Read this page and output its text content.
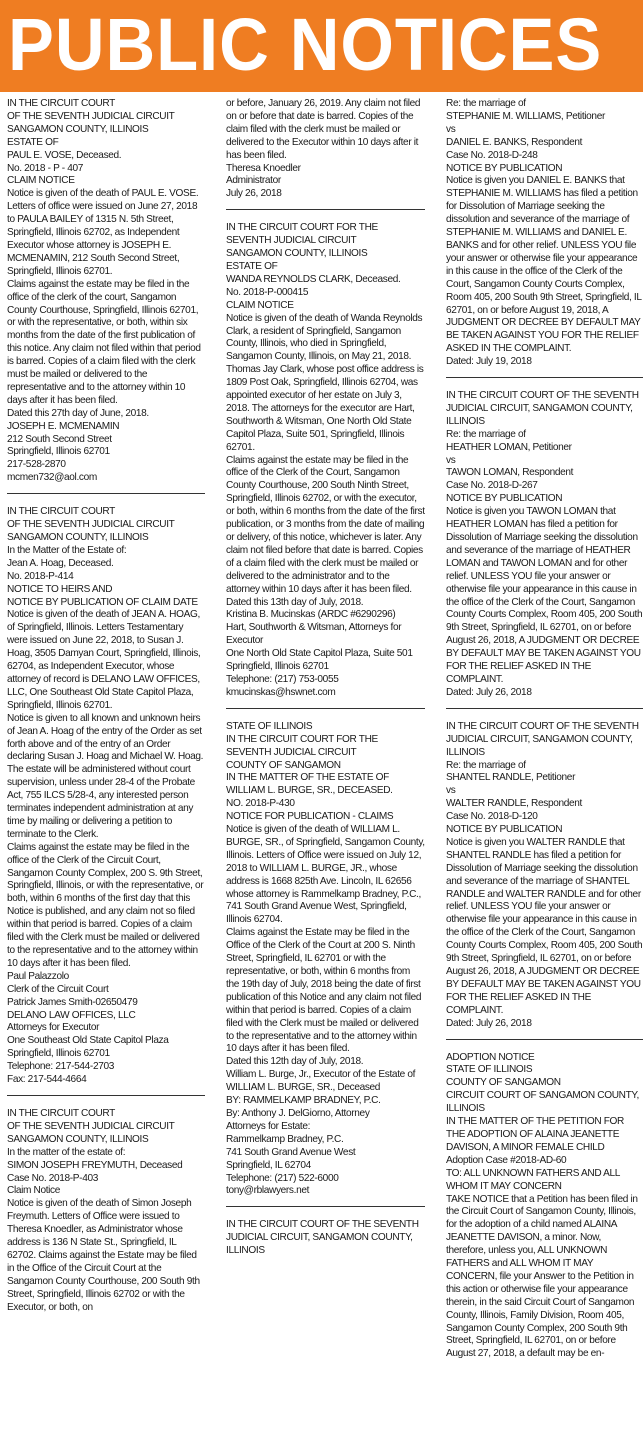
PUBLIC NOTICES

IN THE CIRCUIT COURT
OF THE SEVENTH JUDICIAL CIRCUIT
SANGAMON COUNTY, ILLINOIS
ESTATE OF
PAUL E. VOSE, Deceased.
No. 2018 - P - 407
CLAIM NOTICE
Notice is given of the death of PAUL E. VOSE. Letters of office were issued on June 27, 2018 to PAULA BAILEY of 1315 N. 5th Street, Springfield, Illinois 62702, as Independent Executor whose attorney is JOSEPH E. MCMENAMIN, 212 South Second Street, Springfield, Illinois 62701.
Claims against the estate may be filed in the office of the clerk of the court, Sangamon County Courthouse, Springfield, Illinois 62701, or with the representative, or both, within six months from the date of the first publication of this notice. Any claim not filed within that period is barred. Copies of a claim filed with the clerk must be mailed or delivered to the representative and to the attorney within 10 days after it has been filed.
Dated this 27th day of June, 2018.
JOSEPH E. MCMENAMIN
212 South Second Street
Springfield, Illinois 62701
217-528-2870
mcmen732@aol.com

IN THE CIRCUIT COURT
OF THE SEVENTH JUDICIAL CIRCUIT
SANGAMON COUNTY, ILLINOIS
In the Matter of the Estate of:
Jean A. Hoag, Deceased.
No. 2018-P-414
NOTICE TO HEIRS AND
NOTICE BY PUBLICATION OF CLAIM DATE
Notice is given of the death of JEAN A. HOAG, of Springfield, Illinois. Letters Testamentary were issued on June 22, 2018, to Susan J. Hoag, 3505 Damyan Court, Springfield, Illinois, 62704, as Independent Executor, whose attorney of record is DELANO LAW OFFICES, LLC, One Southeast Old State Capitol Plaza, Springfield, Illinois 62701.
Notice is given to all known and unknown heirs of Jean A. Hoag of the entry of the Order as set forth above and of the entry of an Order declaring Susan J. Hoag and Michael W. Hoag.
The estate will be administered without court supervision, unless under 28-4 of the Probate Act, 755 ILCS 5/28-4, any interested person terminates independent administration at any time by mailing or delivering a petition to terminate to the Clerk.
Claims against the estate may be filed in the office of the Clerk of the Circuit Court, Sangamon County Complex, 200 S. 9th Street, Springfield, Illinois, or with the representative, or both, within 6 months of the first day that this Notice is published, and any claim not so filed within that period is barred. Copies of a claim filed with the Clerk must be mailed or delivered to the representative and to the attorney within 10 days after it has been filed.
Paul Palazzolo
Clerk of the Circuit Court
Patrick James Smith-02650479
DELANO LAW OFFICES, LLC
Attorneys for Executor
One Southeast Old State Capitol Plaza
Springfield, Illinois 62701
Telephone: 217-544-2703
Fax: 217-544-4664

IN THE CIRCUIT COURT
OF THE SEVENTH JUDICIAL CIRCUIT
SANGAMON COUNTY, ILLINOIS
In the matter of the estate of:
SIMON JOSEPH FREYMUTH, Deceased
Case No. 2018-P-403
Claim Notice
Notice is given of the death of Simon Joseph Freymuth. Letters of Office were issued to Theresa Knoedler, as Administrator whose address is 136 N State St., Springfield, IL 62702. Claims against the Estate may be filed in the Office of the Circuit Court at the Sangamon County Courthouse, 200 South 9th Street, Springfield, Illinois 62702 or with the Executor, or both, on

or before, January 26, 2019. Any claim not filed on or before that date is barred. Copies of the claim filed with the clerk must be mailed or delivered to the Executor within 10 days after it has been filed.
Theresa Knoedler
Administrator
July 26, 2018

IN THE CIRCUIT COURT FOR THE SEVENTH JUDICIAL CIRCUIT
SANGAMON COUNTY, ILLINOIS
ESTATE OF
WANDA REYNOLDS CLARK, Deceased.
No. 2018-P-000415
CLAIM NOTICE
Notice is given of the death of Wanda Reynolds Clark, a resident of Springfield, Sangamon County, Illinois, who died in Springfield, Sangamon County, Illinois, on May 21, 2018. Thomas Jay Clark, whose post office address is 1809 Post Oak, Springfield, Illinois 62704, was appointed executor of her estate on July 3, 2018. The attorneys for the executor are Hart, Southworth & Witsman, One North Old State Capitol Plaza, Suite 501, Springfield, Illinois 62701.
Claims against the estate may be filed in the office of the Clerk of the Court, Sangamon County Courthouse, 200 South Ninth Street, Springfield, Illinois 62702, or with the executor, or both, within 6 months from the date of the first publication, or 3 months from the date of mailing or delivery, of this notice, whichever is later. Any claim not filed before that date is barred. Copies of a claim filed with the clerk must be mailed or delivered to the administrator and to the attorney within 10 days after it has been filed.
Dated this 13th day of July, 2018.
Kristina B. Mucinskas (ARDC #6290296)
Hart, Southworth & Witsman, Attorneys for Executor
One North Old State Capitol Plaza, Suite 501
Springfield, Illinois 62701
Telephone: (217) 753-0055
kmucinskas@hswnet.com

STATE OF ILLINOIS
IN THE CIRCUIT COURT FOR THE SEVENTH JUDICIAL CIRCUIT
COUNTY OF SANGAMON
IN THE MATTER OF THE ESTATE OF
WILLIAM L. BURGE, SR., DECEASED.
NO. 2018-P-430
NOTICE FOR PUBLICATION - CLAIMS
Notice is given of the death of WILLIAM L. BURGE, SR., of Springfield, Sangamon County, Illinois. Letters of Office were issued on July 12, 2018 to WILLIAM L. BURGE, JR., whose address is 1668 825th Ave. Lincoln, IL 62656 whose attorney is Rammelkamp Bradney, P.C., 741 South Grand Avenue West, Springfield, Illinois 62704.
Claims against the Estate may be filed in the Office of the Clerk of the Court at 200 S. Ninth Street, Springfield, IL 62701 or with the representative, or both, within 6 months from the 19th day of July, 2018 being the date of first publication of this Notice and any claim not filed within that period is barred. Copies of a claim filed with the Clerk must be mailed or delivered to the representative and to the attorney within 10 days after it has been filed.
Dated this 12th day of July, 2018.
William L. Burge, Jr., Executor of the Estate of WILLIAM L. BURGE, SR., Deceased
BY: RAMMELKAMP BRADNEY, P.C.
By: Anthony J. DelGiorno, Attorney
Attorneys for Estate:
Rammelkamp Bradney, P.C.
741 South Grand Avenue West
Springfield, IL 62704
Telephone: (217) 522-6000
tony@rblawyers.net

IN THE CIRCUIT COURT OF THE SEVENTH JUDICIAL CIRCUIT, SANGAMON COUNTY, ILLINOIS

Re: the marriage of
STEPHANIE M. WILLIAMS, Petitioner
vs
DANIEL E. BANKS, Respondent
Case No. 2018-D-248
NOTICE BY PUBLICATION
Notice is given you DANIEL E. BANKS that STEPHANIE M. WILLIAMS has filed a petition for Dissolution of Marriage seeking the dissolution and severance of the marriage of STEPHANIE M. WILLIAMS and DANIEL E. BANKS and for other relief. UNLESS YOU file your answer or otherwise file your appearance in this cause in the office of the Clerk of the Court, Sangamon County Courts Complex, Room 405, 200 South 9th Street, Springfield, IL 62701, on or before August 19, 2018, A JUDGMENT OR DECREE BY DEFAULT MAY BE TAKEN AGAINST YOU FOR THE RELIEF ASKED IN THE COMPLAINT.
Dated: July 19, 2018

IN THE CIRCUIT COURT OF THE SEVENTH JUDICIAL CIRCUIT, SANGAMON COUNTY, ILLINOIS
Re: the marriage of
HEATHER LOMAN, Petitioner
vs
TAWON LOMAN, Respondent
Case No. 2018-D-267
NOTICE BY PUBLICATION
Notice is given you TAWON LOMAN that HEATHER LOMAN has filed a petition for Dissolution of Marriage seeking the dissolution and severance of the marriage of HEATHER LOMAN and TAWON LOMAN and for other relief. UNLESS YOU file your answer or otherwise file your appearance in this cause in the office of the Clerk of the Court, Sangamon County Courts Complex, Room 405, 200 South 9th Street, Springfield, IL 62701, on or before August 26, 2018, A JUDGMENT OR DECREE BY DEFAULT MAY BE TAKEN AGAINST YOU FOR THE RELIEF ASKED IN THE COMPLAINT.
Dated: July 26, 2018

IN THE CIRCUIT COURT OF THE SEVENTH JUDICIAL CIRCUIT, SANGAMON COUNTY, ILLINOIS
Re: the marriage of
SHANTEL RANDLE, Petitioner
vs
WALTER RANDLE, Respondent
Case No. 2018-D-120
NOTICE BY PUBLICATION
Notice is given you WALTER RANDLE that SHANTEL RANDLE has filed a petition for Dissolution of Marriage seeking the dissolution and severance of the marriage of SHANTEL RANDLE and WALTER RANDLE and for other relief. UNLESS YOU file your answer or otherwise file your appearance in this cause in the office of the Clerk of the Court, Sangamon County Courts Complex, Room 405, 200 South 9th Street, Springfield, IL 62701, on or before August 26, 2018, A JUDGMENT OR DECREE BY DEFAULT MAY BE TAKEN AGAINST YOU FOR THE RELIEF ASKED IN THE COMPLAINT.
Dated: July 26, 2018

ADOPTION NOTICE
STATE OF ILLINOIS
COUNTY OF SANGAMON
CIRCUIT COURT OF SANGAMON COUNTY, ILLINOIS
IN THE MATTER OF THE PETITION FOR THE ADOPTION OF ALAINA JEANETTE DAVISON, A MINOR FEMALE CHILD
Adoption Case #2018-AD-60
TO: ALL UNKNOWN FATHERS AND ALL WHOM IT MAY CONCERN
TAKE NOTICE that a Petition has been filed in the Circuit Court of Sangamon County, Illinois, for the adoption of a child named ALAINA JEANETTE DAVISON, a minor. Now, therefore, unless you, ALL UNKNOWN FATHERS and ALL WHOM IT MAY CONCERN, file your Answer to the Petition in this action or otherwise file your appearance therein, in the said Circuit Court of Sangamon County, Illinois, Family Division, Room 405, Sangamon County Complex, 200 South 9th Street, Springfield, IL 62701, on or before August 27, 2018, a default may be en-
